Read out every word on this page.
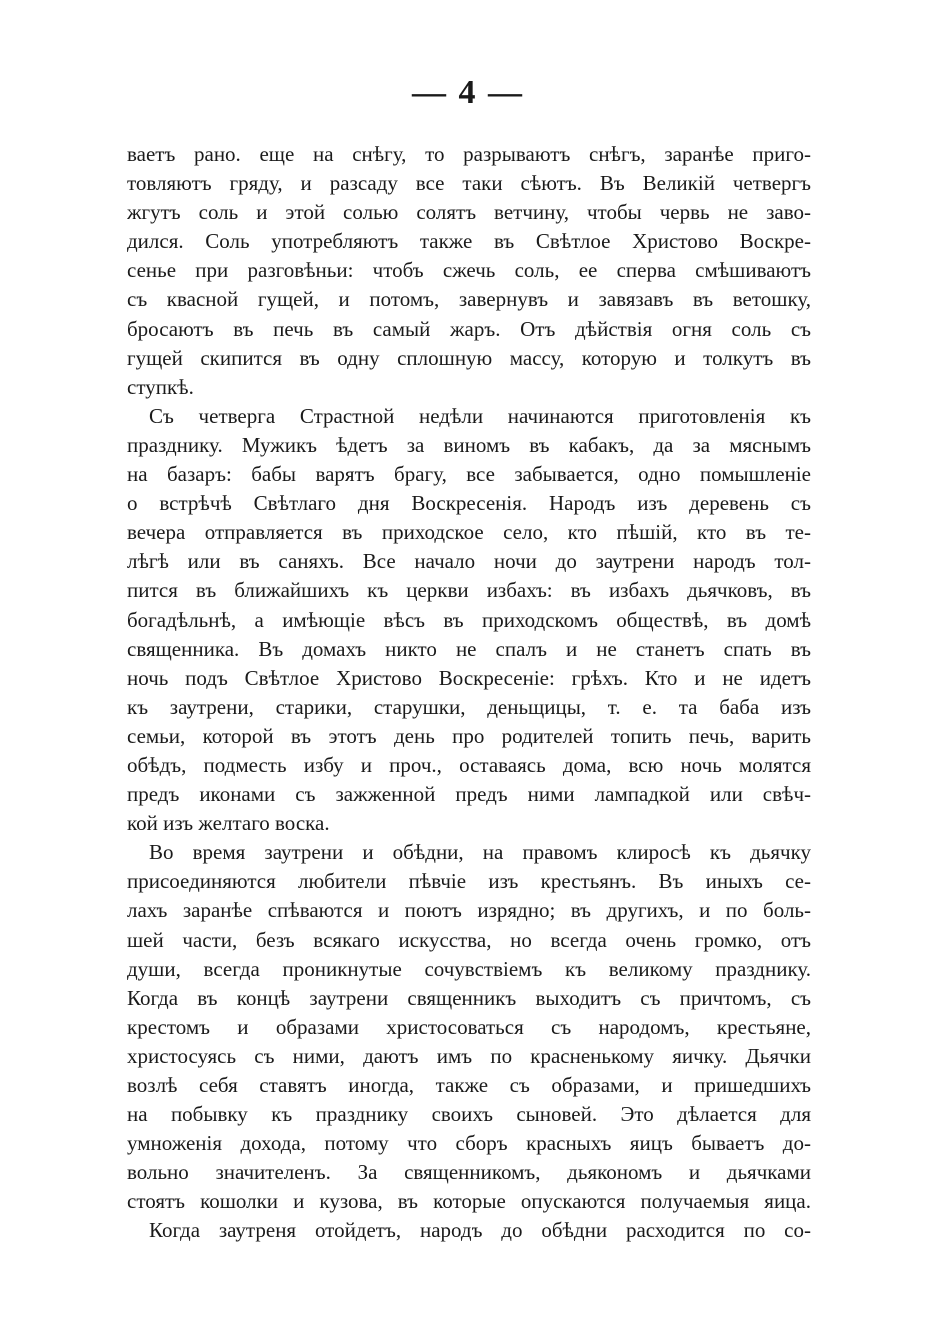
— 4 —
ваетъ рано. еще на снѣгу, то разрываютъ снѣгъ, заранѣе приго-
товляютъ гряду, и разсаду все таки сѣютъ. Въ Великій четвергъ
жгутъ соль и этой солью солятъ ветчину, чтобы червь не заво-
дился. Соль употребляютъ также въ Свѣтлое Христово Воскре-
сенье при разговѣньи: чтобъ сжечь соль, ее сперва смѣшиваютъ
съ квасной гущей, и потомъ, завернувъ и завязавъ въ ветошку,
бросаютъ въ печь въ самый жаръ. Отъ дѣйствія огня соль съ
гущей скипится въ одну сплошную массу, которую и толкутъ въ
ступкѣ.
Съ четверга Страстной недѣли начинаются приготовленія къ
празднику. Мужикъ ѣдетъ за виномъ въ кабакъ, да за мяснымъ
на базаръ: бабы варятъ брагу, все забывается, одно помышленіе
о встрѣчѣ Свѣтлаго дня Воскресенія. Народъ изъ деревень съ
вечера отправляется въ приходское село, кто пѣшій, кто въ те-
лѣгѣ или въ саняхъ. Все начало ночи до заутрени народъ тол-
пится въ ближайшихъ къ церкви избахъ: въ избахъ дьячковъ, въ
богадѣльнѣ, а имѣющіе вѣсъ въ приходскомъ обществѣ, въ домѣ
священника. Въ домахъ никто не спалъ и не станетъ спать въ
ночь подъ Свѣтлое Христово Воскресеніе: грѣхъ. Кто и не идетъ
къ заутрени, старики, старушки, деньщицы, т. е. та баба изъ
семьи, которой въ этотъ день про родителей топить печь, варить
обѣдъ, подместь избу и проч., оставаясь дома, всю ночь молятся
предъ иконами съ зажженной предъ ними лампадкой или свѣч-
кой изъ желтаго воска.
Во время заутрени и обѣдни, на правомъ клиросѣ къ дьячку
присоединяются любители пѣвчіе изъ крестьянъ. Въ иныхъ се-
лахъ заранѣе спѣваются и поютъ изрядно; въ другихъ, и по боль-
шей части, безъ всякаго искусства, но всегда очень громко, отъ
души, всегда проникнутые сочувствіемъ къ великому празднику.
Когда въ концѣ заутрени священникъ выходитъ съ причтомъ, съ
крестомъ и образами христосоваться съ народомъ, крестьяне,
христосуясь съ ними, даютъ имъ по красненькому яичку. Дьячки
возлѣ себя ставятъ иногда, также съ образами, и пришедшихъ
на побывку къ празднику своихъ сыновей. Это дѣлается для
умноженія дохода, потому что сборъ красныхъ яицъ бываетъ до-
вольно значителенъ. За священникомъ, дьякономъ и дьячками
стоятъ кошолки и кузова, въ которые опускаются получаемыя яица.
Когда заутреня отойдетъ, народъ до обѣдни расходится по со-
